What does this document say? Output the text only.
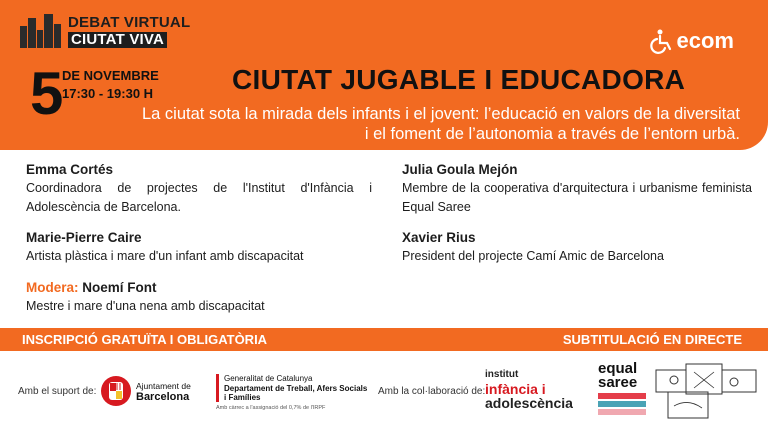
DEBAT VIRTUAL
CIUTAT VIVA	ecom
5
DE NOVEMBRE
17:30 - 19:30 H	CIUTAT JUGABLE I EDUCADORA
La ciutat sota la mirada dels infants i el jovent: l’educació en valors de la diversitat i el foment de l’autonomia a través de l’entorn urbà.
Emma Cortés
Coordinadora de projectes de l'Institut d'Infància i Adolescència de Barcelona.
Julia Goula Mejón
Membre de la cooperativa d'arquitectura i urbanisme feminista Equal Saree
Marie-Pierre Caire
Artista plàstica i mare d'un infant amb discapacitat
Xavier Rius
President del projecte Camí Amic de Barcelona
Modera: Noemí Font
Mestre i mare d'una nena amb discapacitat
INSCRIPCIÓ GRATUÏTA I OBLIGATÒRIA	SUBTITULACIÓ EN DIRECTE
Amb el suport de:	Ajuntament de
Barcelona
Generalitat de Catalunya
Departament de Treball, Afers Socials
i Famílies
Amb càrrec a l'assignació del 0,7% de l'IRPF
Amb la col·laboració de:
institut
infància i
adolescència
equal
saree
